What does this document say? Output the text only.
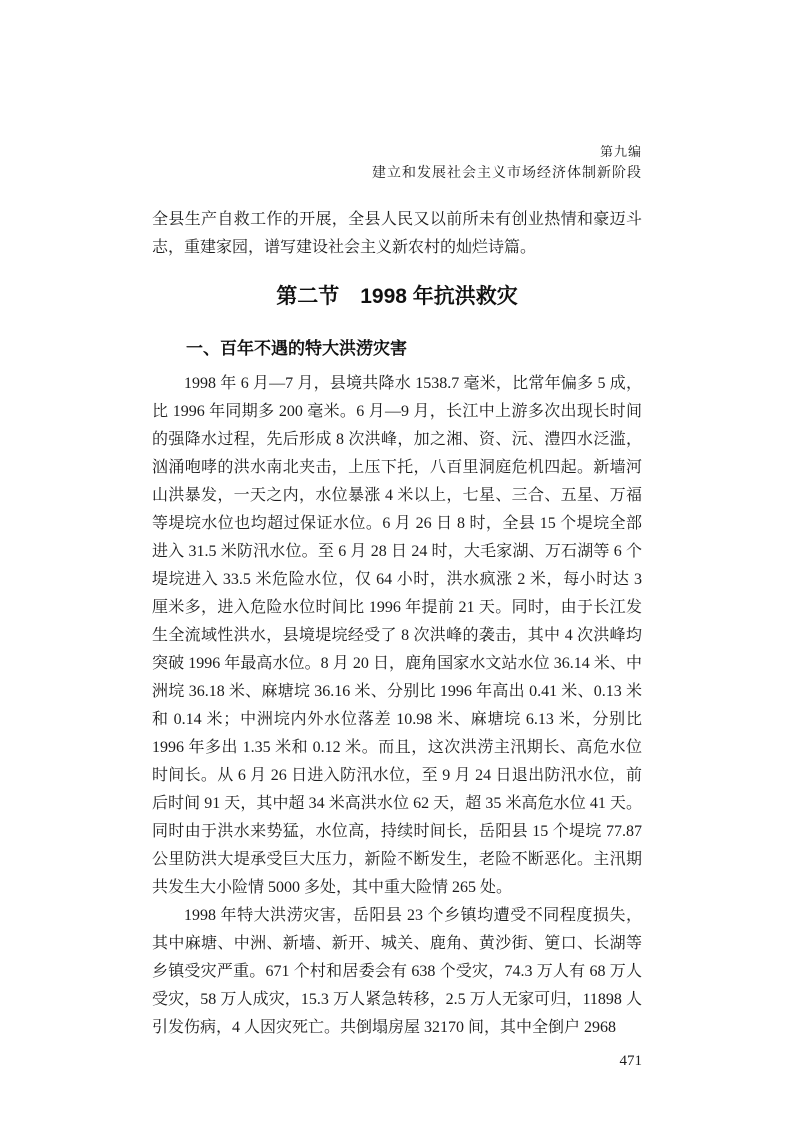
第九编
建立和发展社会主义市场经济体制新阶段

全县生产自救工作的开展，全县人民又以前所未有创业热情和豪迈斗志，重建家园，谱写建设社会主义新农村的灿烂诗篇。

第二节　1998 年抗洪救灾
一、百年不遇的特大洪涝灾害

1998 年 6 月—7 月，县境共降水 1538.7 毫米，比常年偏多 5 成，比 1996 年同期多 200 毫米。6 月—9 月，长江中上游多次出现长时间的强降水过程，先后形成 8 次洪峰，加之湘、资、沅、澧四水泛滥，汹涌咆哮的洪水南北夹击，上压下托，八百里洞庭危机四起。新墙河山洪暴发，一天之内，水位暴涨 4 米以上，七星、三合、五星、万福等堤垸水位也均超过保证水位。6 月 26 日 8 时，全县 15 个堤垸全部进入 31.5 米防汛水位。至 6 月 28 日 24 时，大毛家湖、万石湖等 6 个堤垸进入 33.5 米危险水位，仅 64 小时，洪水疯涨 2 米，每小时达 3 厘米多，进入危险水位时间比 1996 年提前 21 天。同时，由于长江发生全流域性洪水，县境堤垸经受了 8 次洪峰的袭击，其中 4 次洪峰均突破 1996 年最高水位。8 月 20 日，鹿角国家水文站水位 36.14 米、中洲垸 36.18 米、麻塘垸 36.16 米、分别比 1996 年高出 0.41 米、0.13 米和 0.14 米；中洲垸内外水位落差 10.98 米、麻塘垸 6.13 米，分别比 1996 年多出 1.35 米和 0.12 米。而且，这次洪涝主汛期长、高危水位时间长。从 6 月 26 日进入防汛水位，至 9 月 24 日退出防汛水位，前后时间 91 天，其中超 34 米高洪水位 62 天，超 35 米高危水位 41 天。同时由于洪水来势猛，水位高，持续时间长，岳阳县 15 个堤垸 77.87 公里防洪大堤承受巨大压力，新险不断发生，老险不断恶化。主汛期共发生大小险情 5000 多处，其中重大险情 265 处。

1998 年特大洪涝灾害，岳阳县 23 个乡镇均遭受不同程度损失，其中麻塘、中洲、新墙、新开、城关、鹿角、黄沙街、筻口、长湖等乡镇受灾严重。671 个村和居委会有 638 个受灾，74.3 万人有 68 万人受灾，58 万人成灾，15.3 万人紧急转移，2.5 万人无家可归，11898 人引发伤病，4 人因灾死亡。共倒塌房屋 32170 间，其中全倒户 2968

471
